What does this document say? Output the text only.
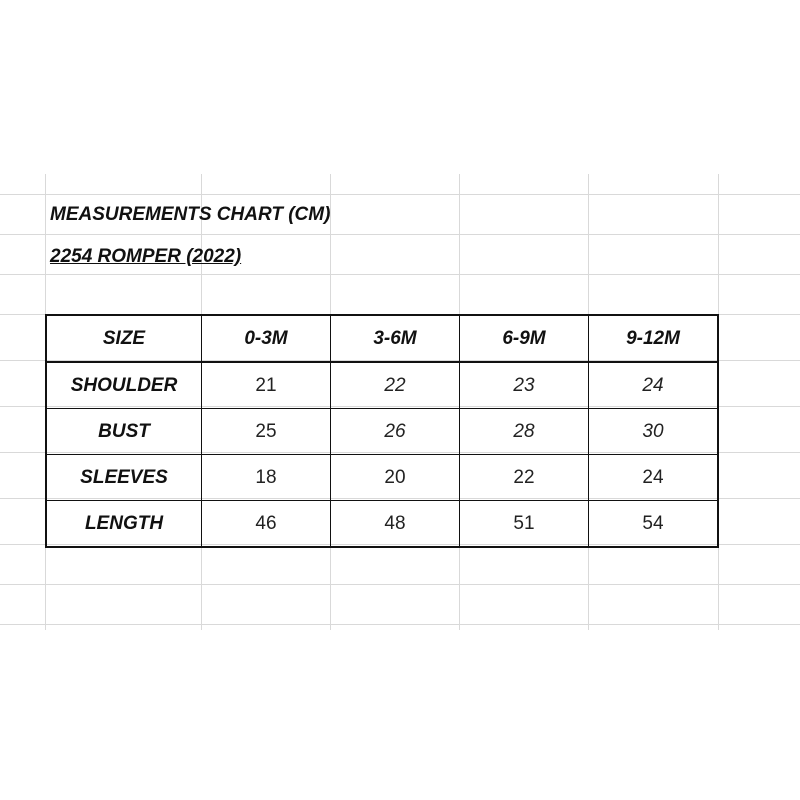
MEASUREMENTS CHART (CM)
2254 ROMPER (2022)
SIZE	0-3M	3-6M	6-9M	9-12M
SHOULDER	21	22	23	24
BUST	25	26	28	30
SLEEVES	18	20	22	24
LENGTH	46	48	51	54
